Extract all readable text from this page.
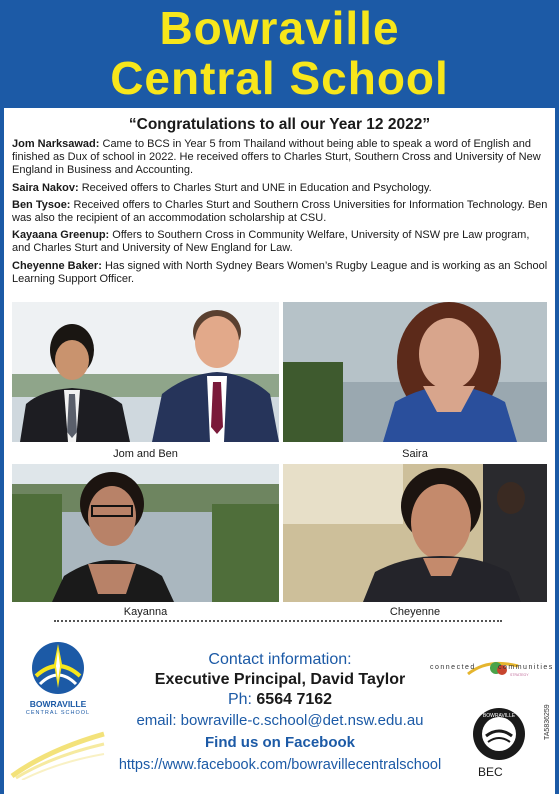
Bowraville
Central School
“Congratulations to all our Year 12 2022”

Jom Narksawad: Came to BCS in Year 5 from Thailand without being able to speak a word of English and finished as Dux of school in 2022. He received offers to Charles Sturt, Southern Cross and University of New England in Business and Accounting.

Saira Nakov: Received offers to Charles Sturt and UNE in Education and Psychology.

Ben Tysoe: Received offers to Charles Sturt and Southern Cross Universities for Information Technology. Ben was also the recipient of an accommodation scholarship at CSU.

Kayaana Greenup: Offers to Southern Cross in Community Welfare, University of NSW pre Law program, and Charles Sturt and University of New England for Law.

Cheyenne Baker: Has signed with North Sydney Bears Women’s Rugby League and is working as an School Learning Support Officer.

Jom and Ben	Saira
Kayanna	Cheyenne
BOWRAVILLE
CENTRAL SCHOOL
Contact information:
Executive Principal, David Taylor
Ph: 6564 7162
email: bowraville-c.school@det.nsw.edu.au
Find us on Facebook
https://www.facebook.com/bowravillecentralschool
connected	communities
STRATEGY
BOWRAVILLE
BEC
TA5836259
